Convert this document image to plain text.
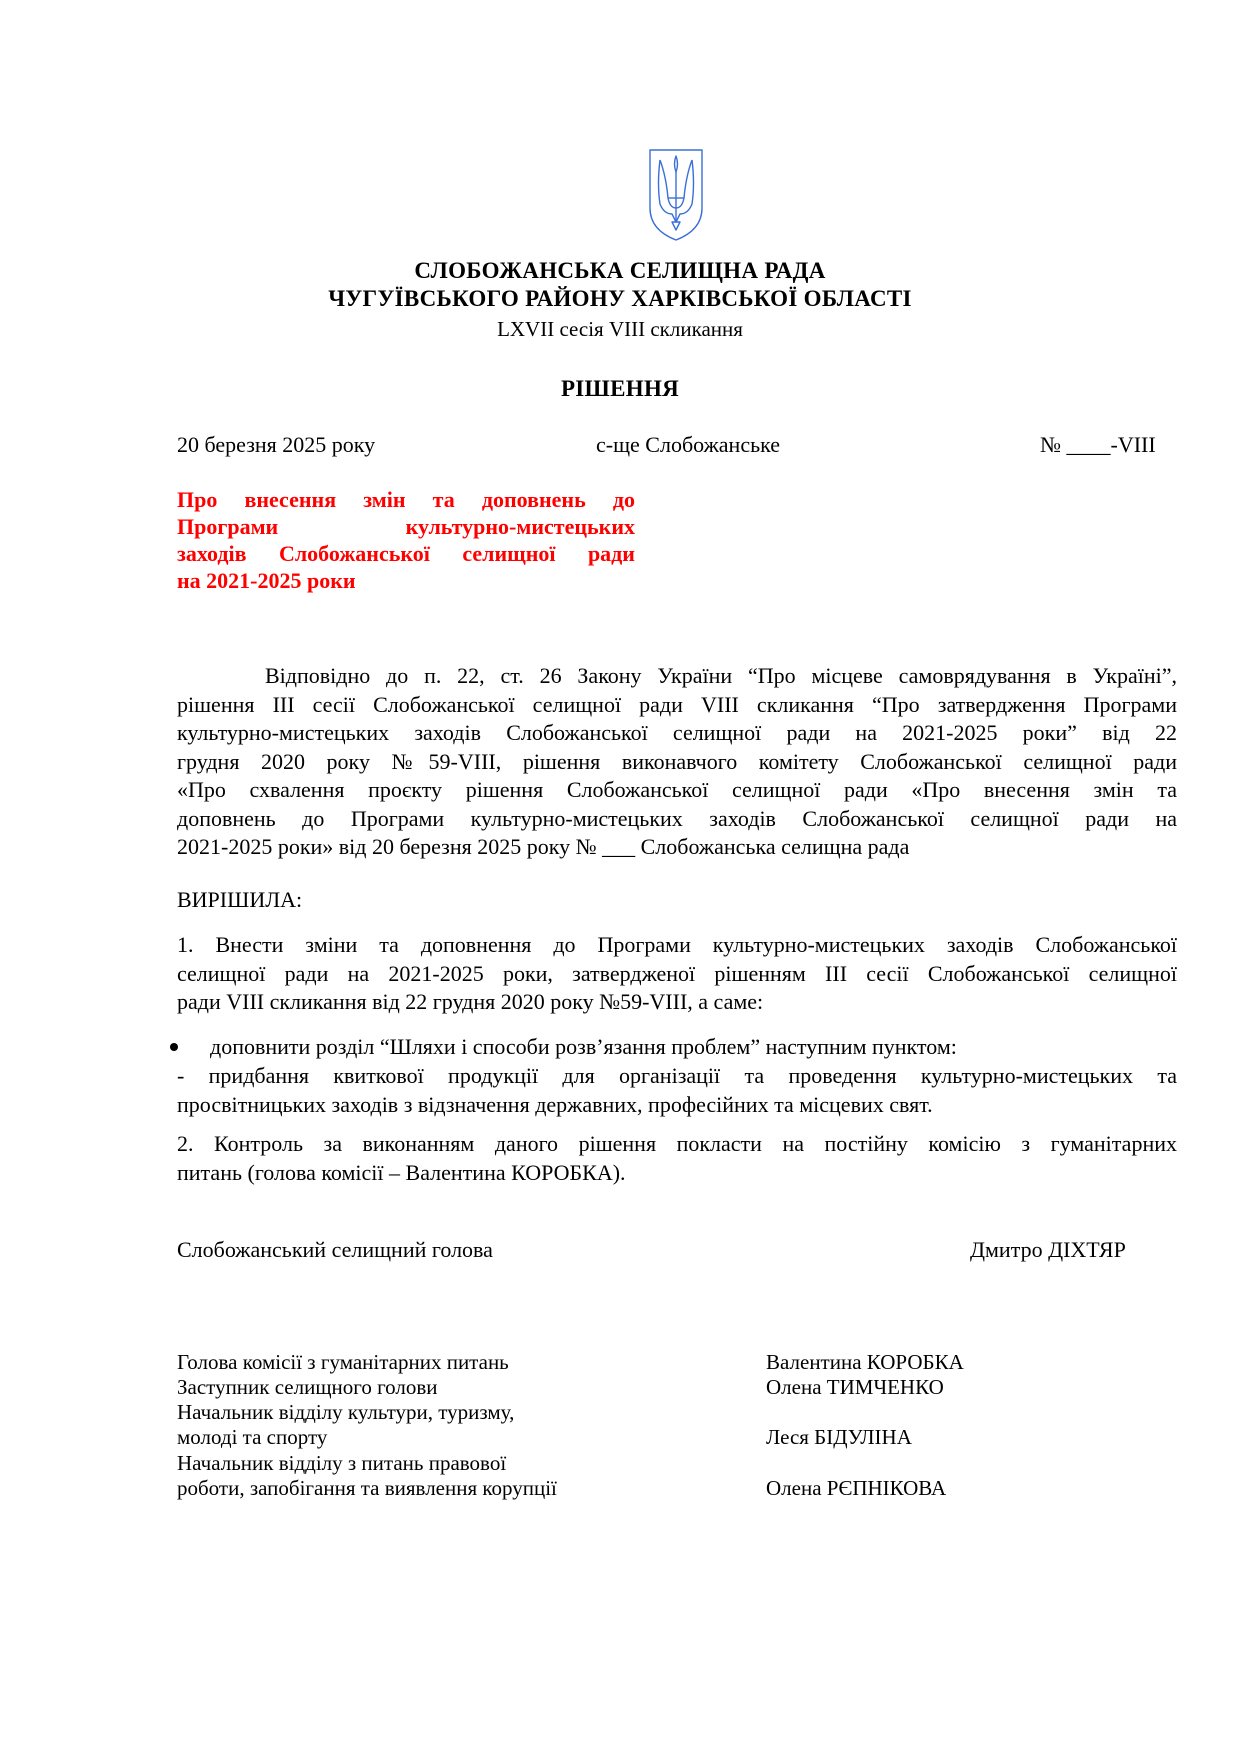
СЛОБОЖАНСЬКА СЕЛИЩНА РАДА
ЧУГУЇВСЬКОГО РАЙОНУ ХАРКІВСЬКОЇ ОБЛАСТІ
LXVII сесія VIII скликання
РІШЕННЯ
20 березня 2025 року	с-ще Слобожанське	№ ____-VIII
Про внесення змін та доповнень до
Програми культурно-мистецьких
заходів Слобожанської селищної ради
на 2021-2025 роки
Відповідно до п. 22, ст. 26 Закону України “Про місцеве самоврядування в Україні”,
рішення ІІІ сесії Слобожанської селищної ради VIII скликання “Про затвердження Програми
культурно-мистецьких заходів Слобожанської селищної ради на 2021-2025 роки” від 22
грудня 2020 року №59-VIII, рішення виконавчого комітету Слобожанської селищної ради
«Про схвалення проєкту рішення Слобожанської селищної ради «Про внесення змін та
доповнень до Програми культурно-мистецьких заходів Слобожанської селищної ради на
2021-2025 роки» від 20 березня 2025 року № ___ Слобожанська селищна рада
ВИРІШИЛА:
1. Внести зміни та доповнення до Програми культурно-мистецьких заходів Слобожанської
селищної ради на 2021-2025 роки, затвердженої рішенням ІІІ сесії Слобожанської селищної
ради VIII скликання від 22 грудня 2020 року №59-VIII, а саме:
доповнити розділ “Шляхи і способи розв’язання проблем” наступним пунктом:
- придбання квиткової продукції для організації та проведення культурно-мистецьких та
просвітницьких заходів з відзначення державних, професійних та місцевих свят.
2. Контроль за виконанням даного рішення покласти на постійну комісію з гуманітарних
питань (голова комісії – Валентина КОРОБКА).
Слобожанський селищний голова	Дмитро ДІХТЯР
Голова комісії з гуманітарних питань	Валентина КОРОБКА
Заступник селищного голови	Олена ТИМЧЕНКО
Начальник відділу культури, туризму,
молоді та спорту	Леся БІДУЛІНА
Начальник відділу з питань правової
роботи, запобігання та виявлення корупції	Олена РЄПНІКОВА
